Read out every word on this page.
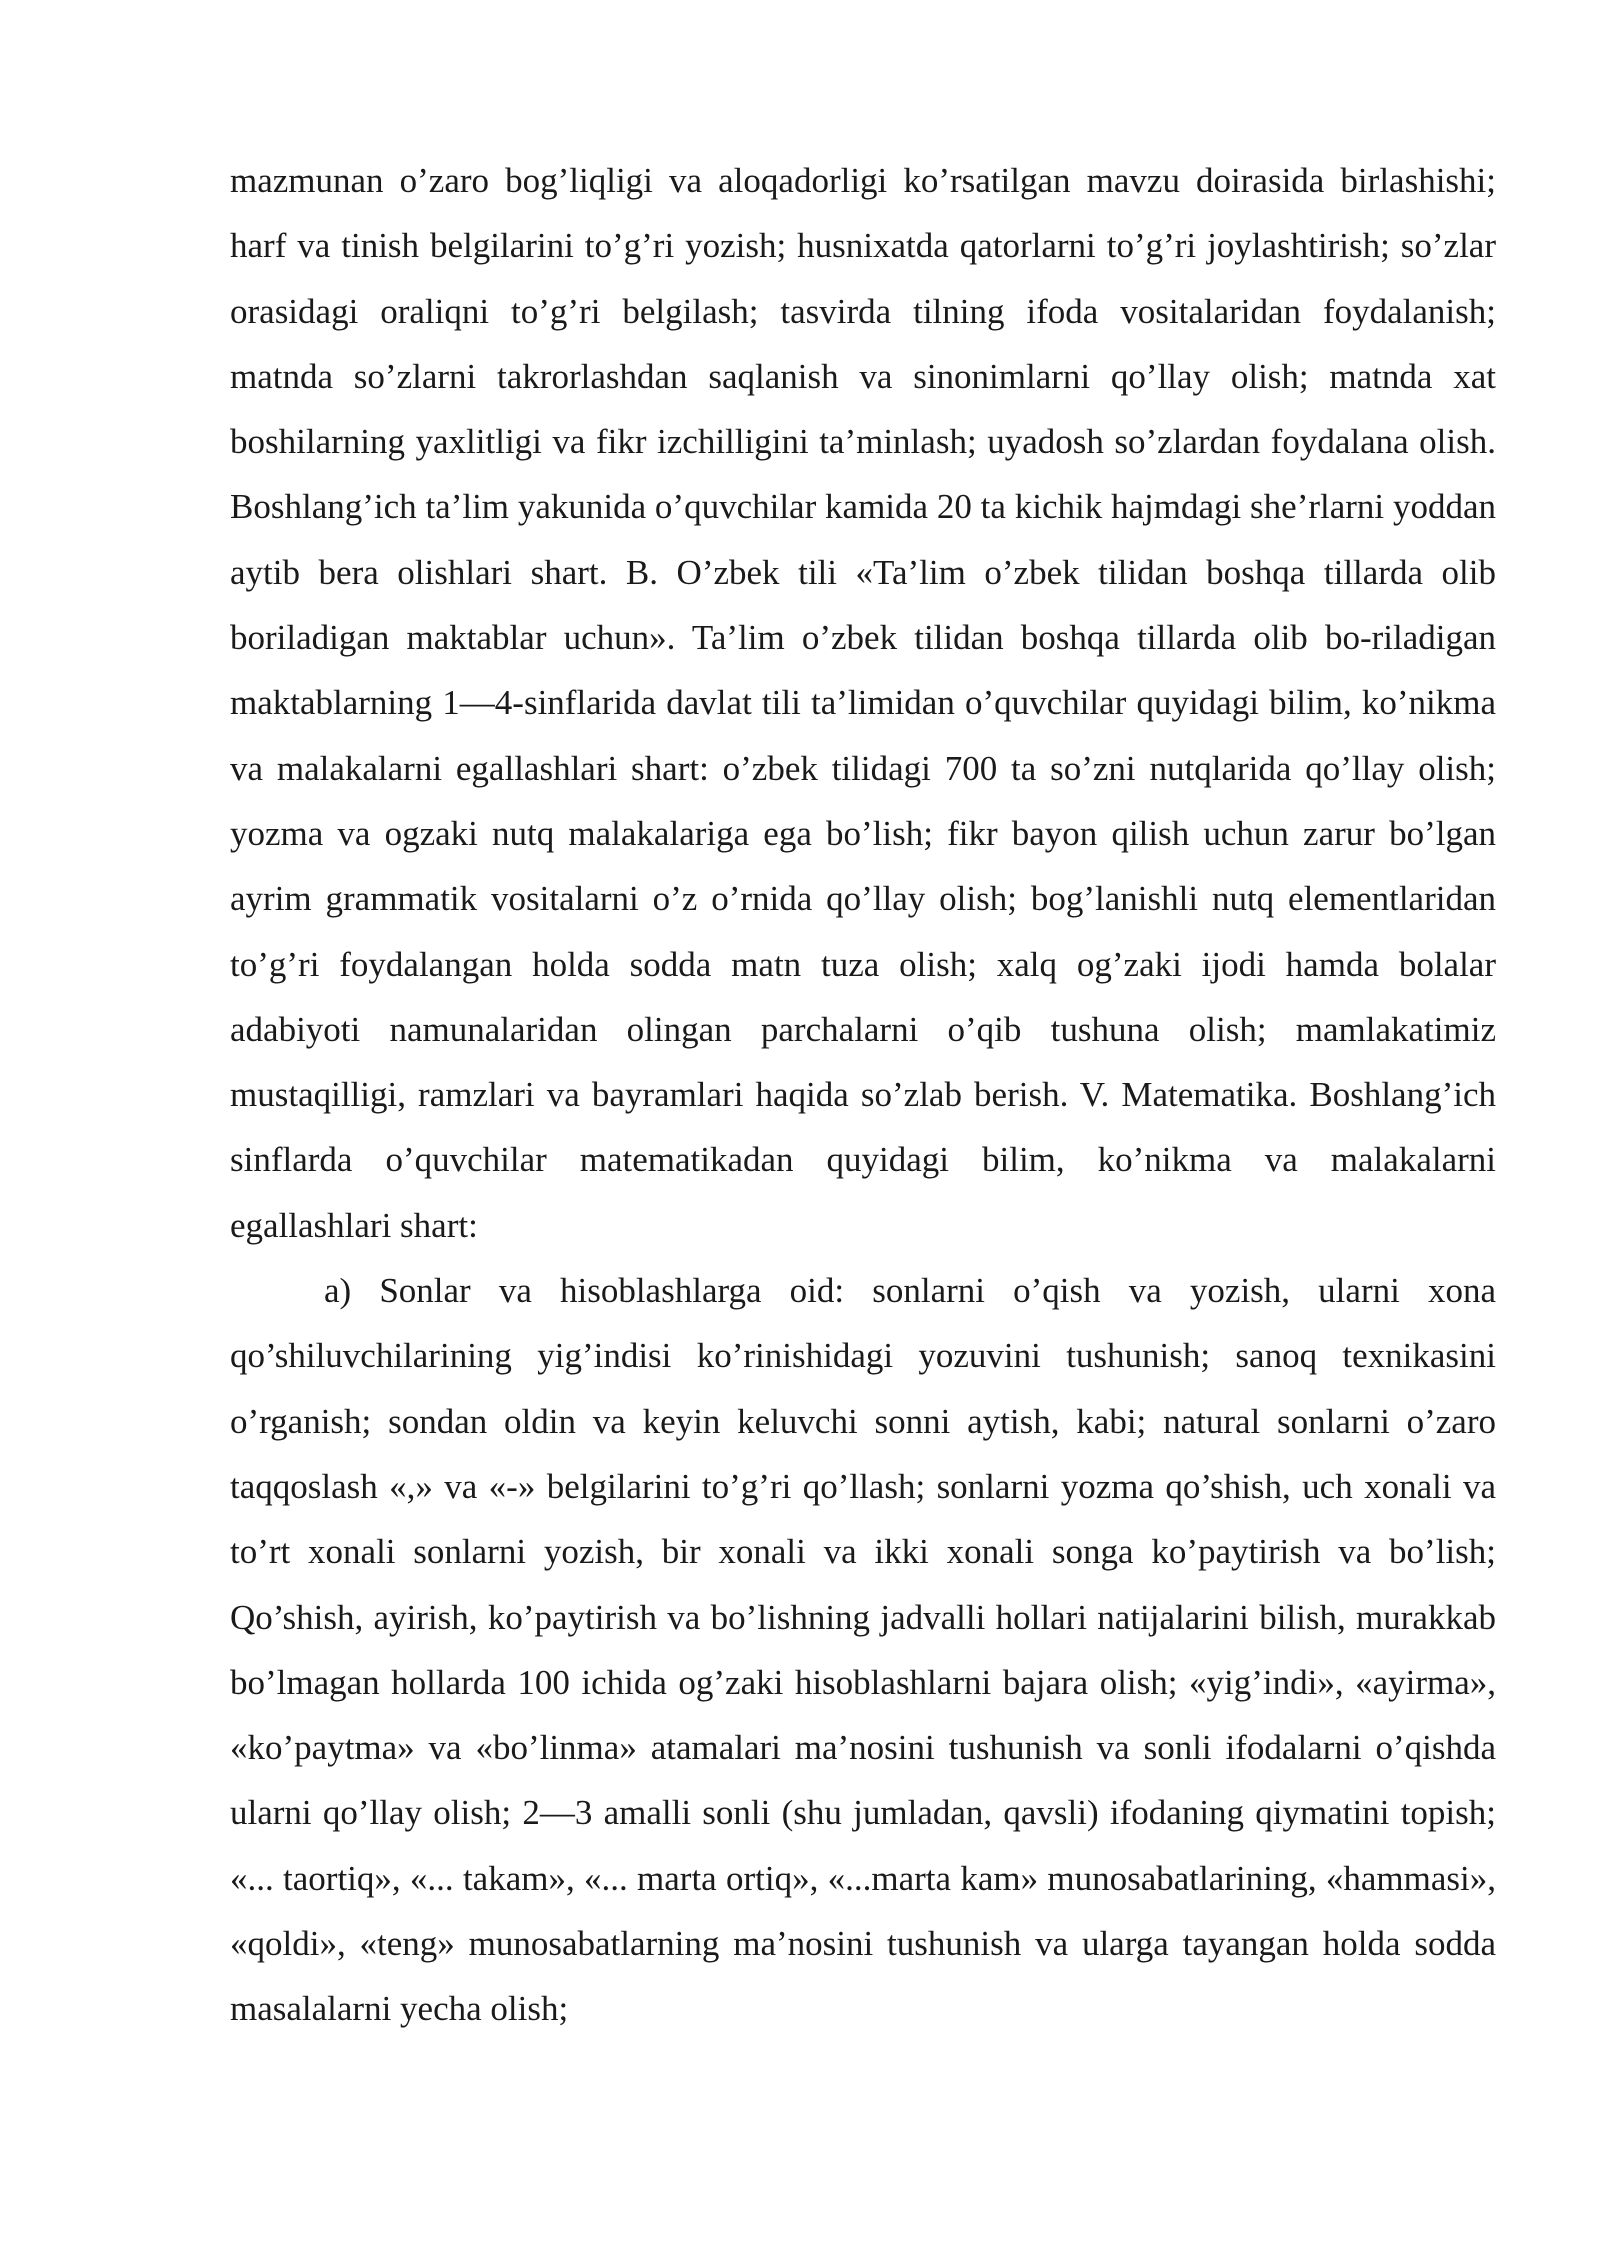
mazmunan o’zaro bog’liqligi va aloqadorligi ko’rsatilgan mavzu doirasida birlashishi; harf va tinish belgilarini to’g’ri yozish; husnixatda qatorlarni to’g’ri joylashtirish; so’zlar orasidagi oraliqni to’g’ri belgilash; tasvirda tilning ifoda vositalaridan foydalanish; matnda so’zlarni takrorlashdan saqlanish va sinonimlarni qo’llay olish; matnda xat boshilarning yaxlitligi va fikr izchilligini ta’minlash; uyadosh so’zlardan foydalana olish. Boshlang’ich ta’lim yakunida o’quvchilar kamida 20 ta kichik hajmdagi she’rlarni yoddan aytib bera olishlari shart. B. O’zbek tili «Ta’lim o’zbek tilidan boshqa tillarda olib boriladigan maktablar uchun». Ta’lim o’zbek tilidan boshqa tillarda olib bo-riladigan maktablarning 1—4-sinflarida davlat tili ta’limidan o’quvchilar quyidagi bilim, ko’nikma va malakalarni egallashlari shart: o’zbek tilidagi 700 ta so’zni nutqlarida qo’llay olish; yozma va ogzaki nutq malakalariga ega bo’lish; fikr bayon qilish uchun zarur bo’lgan ayrim grammatik vositalarni o’z o’rnida qo’llay olish; bog’lanishli nutq elementlaridan to’g’ri foydalangan holda sodda matn tuza olish; xalq og’zaki ijodi hamda bolalar adabiyoti namunalaridan olingan parchalarni o’qib tushuna olish; mamlakatimiz mustaqilligi, ramzlari va bayramlari haqida so’zlab berish. V. Matematika. Boshlang’ich sinflarda o’quvchilar matematikadan quyidagi bilim, ko’nikma va malakalarni egallashlari shart:

a) Sonlar va hisoblashlarga oid: sonlarni o’qish va yozish, ularni xona qo’shiluvchilarining yig’indisi ko’rinishidagi yozuvini tushunish; sanoq texnikasini o’rganish; sondan oldin va keyin keluvchi sonni aytish, kabi; natural sonlarni o’zaro taqqoslash «,» va «-» belgilarini to’g’ri qo’llash; sonlarni yozma qo’shish, uch xonali va to’rt xonali sonlarni yozish, bir xonali va ikki xonali songa ko’paytirish va bo’lish; Qo’shish, ayirish, ko’paytirish va bo’lishning jadvalli hollari natijalarini bilish, murakkab bo’lmagan hollarda 100 ichida og’zaki hisoblashlarni bajara olish; «yig’indi», «ayirma», «ko’paytma» va «bo’linma» atamalari ma’nosini tushunish va sonli ifodalarni o’qishda ularni qo’llay olish; 2—3 amalli sonli (shu jumladan, qavsli) ifodaning qiymatini topish; «... taortiq», «... takam», «... marta ortiq», «...marta kam» munosabatlarining, «hammasi», «qoldi», «teng» munosabatlarning ma’nosini tushunish va ularga tayangan holda sodda masalalarni yecha olish;
